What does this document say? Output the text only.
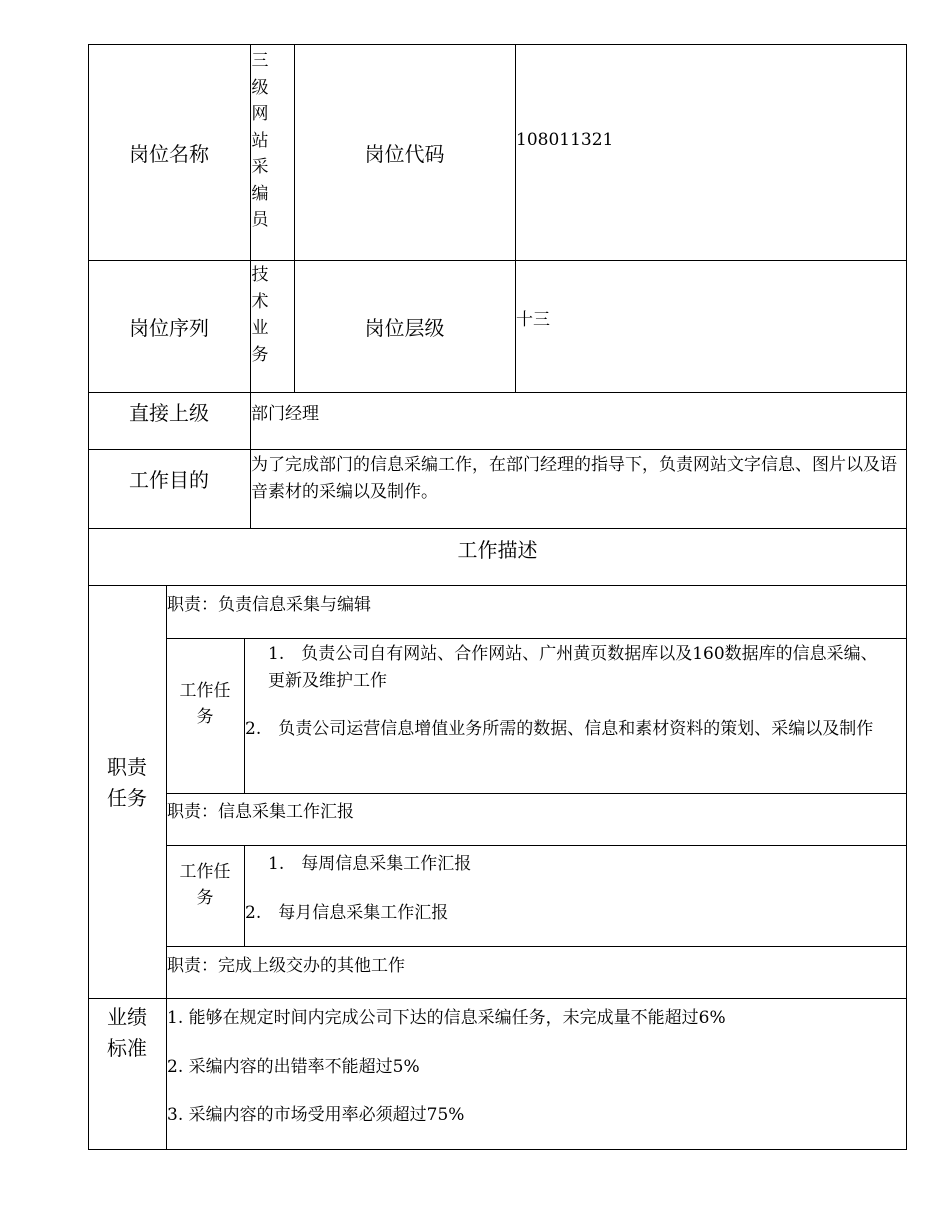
岗位名称
三
级
网
站
采
编
员
岗位代码
108011321
岗位序列
技
术
业
务
岗位层级	十三
直接上级	部门经理
工作目的
为了完成部门的信息采编工作，在部门经理的指导下，负责网站文字信息、图片以及语音素材的采编以及制作。
工作描述
职责
任务
职责：负责信息采集与编辑
工作任
务
1.　负责公司自有网站、合作网站、广州黄页数据库以及160数据库的信息采编、更新及维护工作
2.　负责公司运营信息增值业务所需的数据、信息和素材资料的策划、采编以及制作
职责：信息采集工作汇报
工作任
务
1.　每周信息采集工作汇报
2.　每月信息采集工作汇报
职责：完成上级交办的其他工作
业绩
标准
1. 能够在规定时间内完成公司下达的信息采编任务，未完成量不能超过6%
2. 采编内容的出错率不能超过5%
3. 采编内容的市场受用率必须超过75%
